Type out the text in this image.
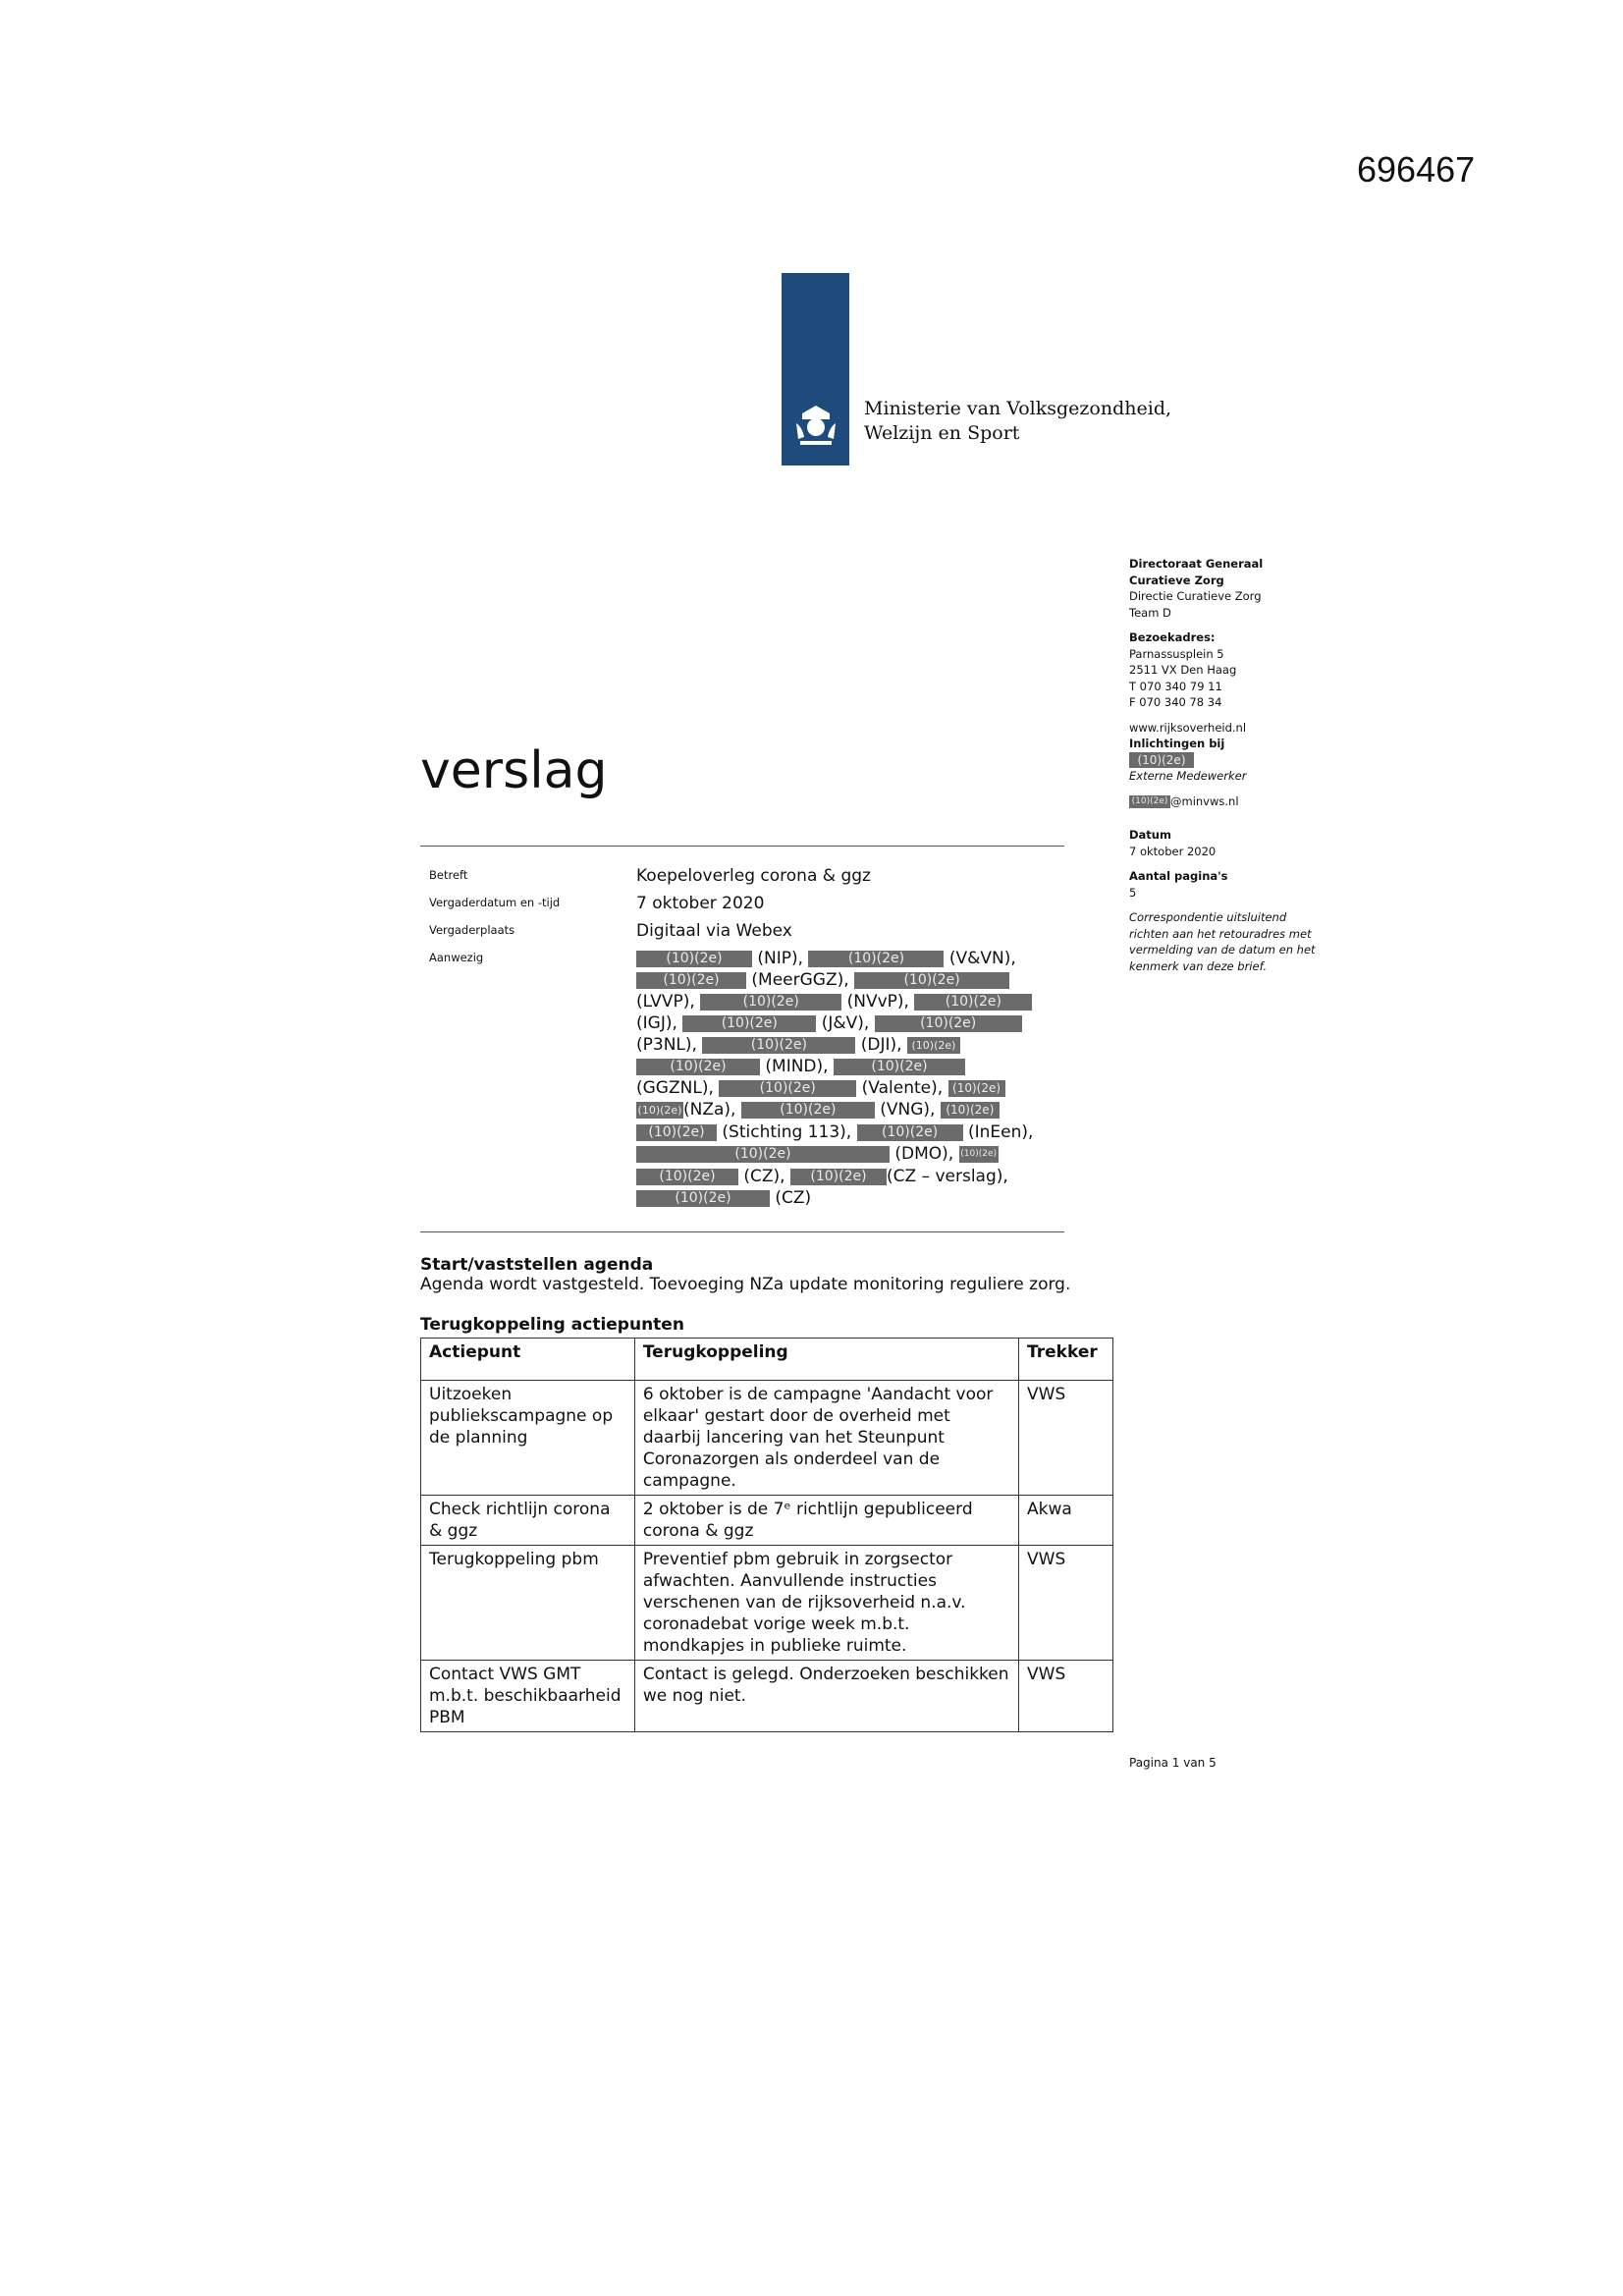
696467
Ministerie van Volksgezondheid,
Welzijn en Sport
Directoraat Generaal
Curatieve Zorg
Directie Curatieve Zorg
Team D
Bezoekadres:
Parnassusplein 5
2511 VX Den Haag
T 070 340 79 11
F 070 340 78 34
www.rijksoverheid.nl
Inlichtingen bij
(10)(2e)
Externe Medewerker
(10)(2e) @minvws.nl
Datum
7 oktober 2020
Aantal pagina's
5
Correspondentie uitsluitend richten aan het retouradres met vermelding van de datum en het kenmerk van deze brief.
verslag
Betreft	Koepeloverleg corona & ggz
Vergaderdatum en -tijd	7 oktober 2020
Vergaderplaats	Digitaal via Webex
Aanwezig	(10)(2e) (NIP),	(10)(2e)	(V&VN),
(10)(2e) (MeerGGZ),	(10)(2e)
(LVVP),	(10)(2e)	(NVvP),	(10)(2e)
(IGJ),	(10)(2e)	(J&V),	(10)(2e)
(P3NL),	(10)(2e)	(DJI), (10)(2e)
(10)(2e) (MIND),	(10)(2e)
(GGZNL),	(10)(2e)	(Valente), (10)(2e)
(10)(2e)(NZa),	(10)(2e)	(VNG), (10)(2e)
(10)(2e) (Stichting 113), (10)(2e) (InEen),
(10)(2e)	(DMO), (10)(2e)
(10)(2e) (CZ), (10)(2e) (CZ – verslag),
(10)(2e)	(CZ)
Start/vaststellen agenda
Agenda wordt vastgesteld. Toevoeging NZa update monitoring reguliere zorg.
Terugkoppeling actiepunten
Actiepunt	Terugkoppeling	Trekker
Uitzoeken publiekscampagne op de planning	6 oktober is de campagne 'Aandacht voor elkaar' gestart door de overheid met daarbij lancering van het Steunpunt Coronazorgen als onderdeel van de campagne.	VWS
Check richtlijn corona & ggz	2 oktober is de 7ᵉ richtlijn gepubliceerd corona & ggz	Akwa
Terugkoppeling pbm	Preventief pbm gebruik in zorgsector afwachten. Aanvullende instructies verschenen van de rijksoverheid n.a.v. coronadebat vorige week m.b.t. mondkapjes in publieke ruimte.	VWS
Contact VWS GMT m.b.t. beschikbaarheid PBM	Contact is gelegd. Onderzoeken beschikken we nog niet.	VWS
Pagina 1 van 5
